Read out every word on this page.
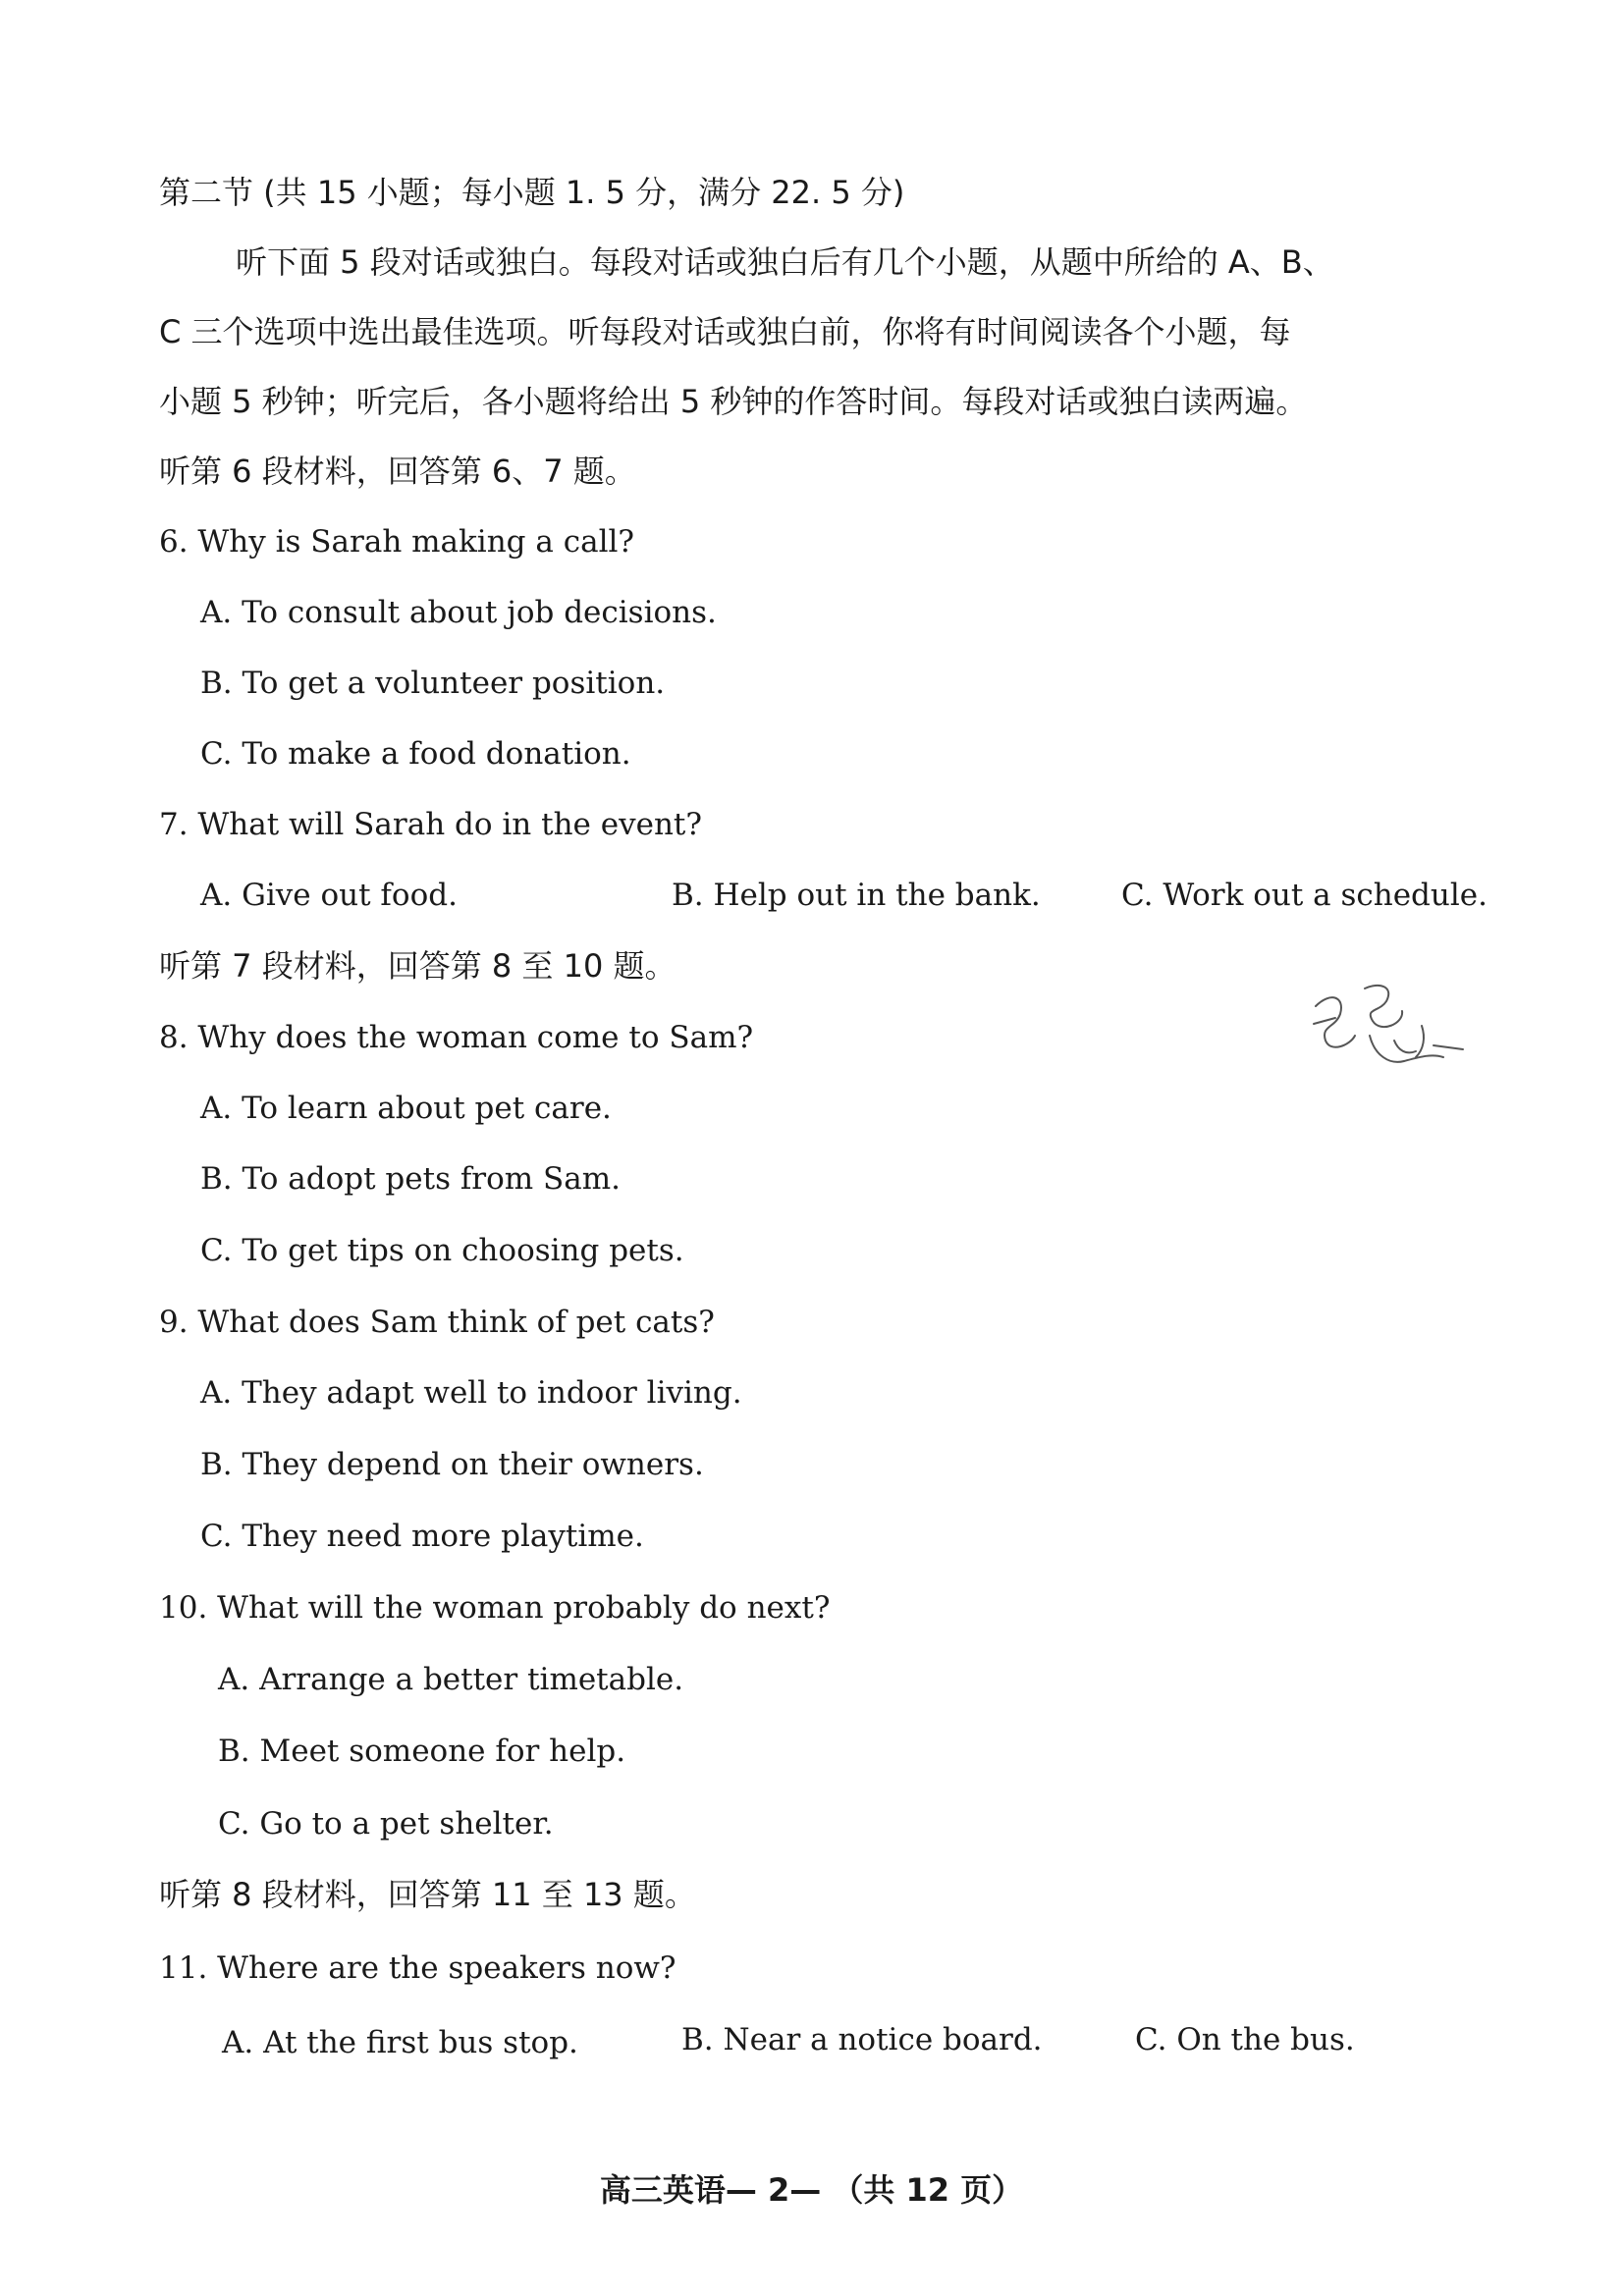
第二节 (共 15 小题；每小题 1. 5 分，满分 22. 5 分)
听下面 5 段对话或独白。每段对话或独白后有几个小题，从题中所给的 A、B、
C 三个选项中选出最佳选项。听每段对话或独白前，你将有时间阅读各个小题，每
小题 5 秒钟；听完后，各小题将给出 5 秒钟的作答时间。每段对话或独白读两遍。
听第 6 段材料，回答第 6、7 题。
6. Why is Sarah making a call?
A. To consult about job decisions.
B. To get a volunteer position.
C. To make a food donation.
7. What will Sarah do in the event?
A. Give out food.	B. Help out in the bank.	C. Work out a schedule.
听第 7 段材料，回答第 8 至 10 题。
8. Why does the woman come to Sam?
A. To learn about pet care.
B. To adopt pets from Sam.
C. To get tips on choosing pets.
9. What does Sam think of pet cats?
A. They adapt well to indoor living.
B. They depend on their owners.
C. They need more playtime.
10. What will the woman probably do next?
A. Arrange a better timetable.
B. Meet someone for help.
C. Go to a pet shelter.
听第 8 段材料，回答第 11 至 13 题。
11. Where are the speakers now?
A. At the first bus stop.	B. Near a notice board.	C. On the bus.
高三英语— 2— （共 12 页）
